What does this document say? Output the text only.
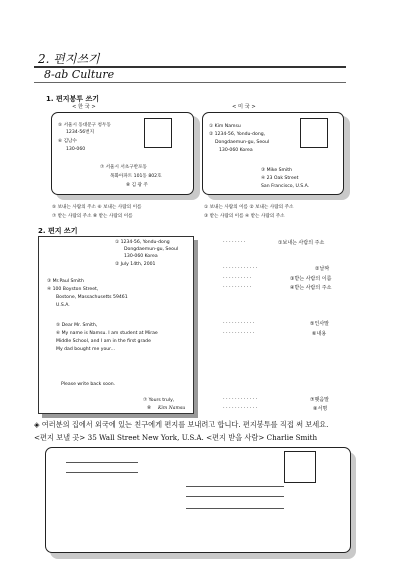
2. 편지쓰기
8-ab Culture
1. 편지봉투 쓰기
< 한 국 >	< 미 국 >
⑤ 서울시 동대문구 청두동
1234-56번지
⑥ 김남수
130-060
⑦ 서울시 서초구반포동
목화아파트 101동 802호
⑧ 김 광 주
① Kim Namsu
② 1234-56, Yondu-dong,
Dongdaemun-gu, Seoul
130-060 Korea
③ Mike Smith
④ 23 Oak Street
San Francisco, U.S.A.
⑤ 보내는 사람의 주소 ⑥ 보내는 사람의 이름
⑦ 받는 사람의 주소 ⑧ 받는 사람의 이름
① 보내는 사람의 이름 ② 보내는 사람의 주소
③ 받는 사람의 이름 ④ 받는 사람의 주소
2. 편지 쓰기
① 1234-56, Yondu-dong
Dongdaemun-gu, Seoul
130-060 Korea
② July 14th, 2001
③ Mr.Paul Smith
④ 100 Boyston Street,
Bostone, Massachusetts 59461
U.S.A.
⑤ Dear Mr. Smith,
⑥ My name is Namsu. I am student at Mirae
Middle School, and I am in the first grade
My dad bought me your...
Please write back soon.
⑦ Yours truly,
⑧ Kim Namsu
········	①보내는 사람의 주소
············	②날짜
··········	③받는 사람의 이름
··········	④받는 사람의 주소
···········	⑤인사말
···········	⑥내용
············	⑦맺음말
············	⑧서명
◈ 여러분의 집에서 외국에 있는 친구에게 편지를 보내려고 합니다. 편지봉투를 직접 써 보세요.
<편지 보낼 곳> 35 Wall Street New York, U.S.A. <편지 받을 사람> Charlie Smith
